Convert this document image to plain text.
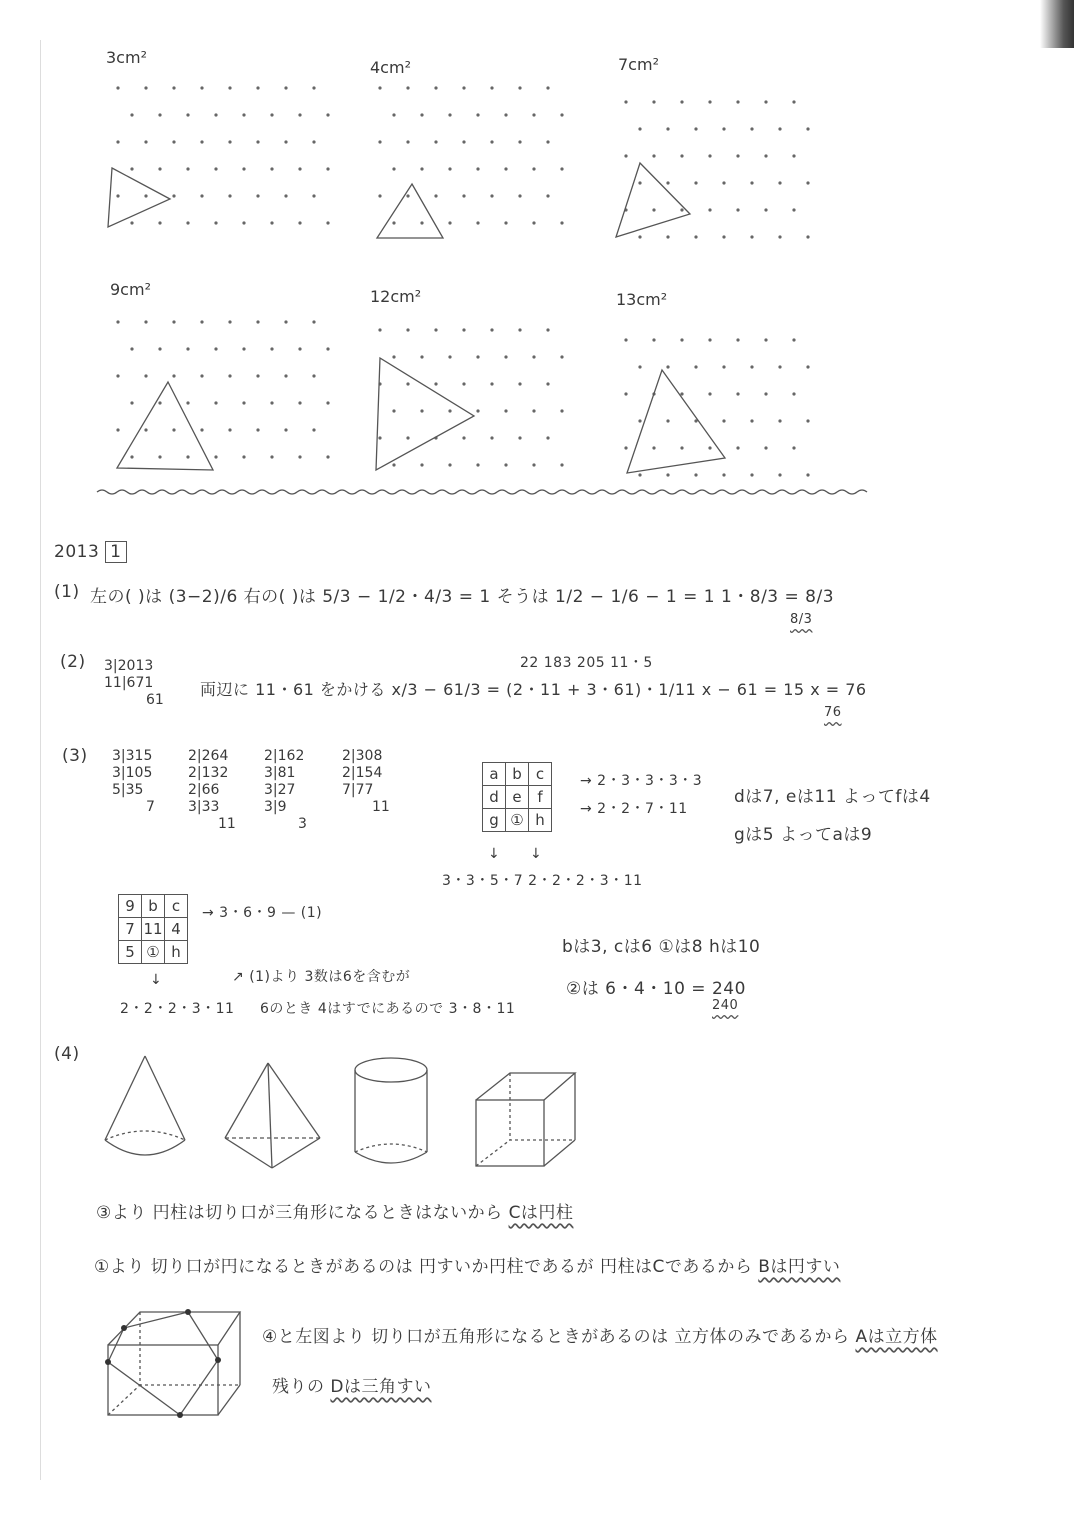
3cm²
4cm²	7cm²
9cm²	12cm²	13cm²
2013 1
(1) 左の( )は (3−2)/6 右の( )は 5/3 − 1/2・4/3 = 1 そうは 1/2 − 1/6 − 1 = 1 1・8/3 = 8/3
8/3
(2) 3|2013
11|671
61
22 183 205 11・5
両辺に 11・61 をかける x/3 − 61/3 = (2・11 + 3・61)・1/11 x − 61 = 15 x = 76
76
(3) 3|315
3|105
5|35
7
2|264
2|132
2|66
3|33
11
2|162
3|81
3|27
3|9
3
2|308
2|154
7|77
11
a	b	c
d	e	f
g	①	h
→ 2・3・3・3・3
→ 2・2・7・11
↓ ↓
3・3・5・7 2・2・2・3・11
dは7, eは11 よってfは4
gは5 よってaは9
9	b	c
7	11	4
5	①	h
→ 3・6・9 — (1)
↓
2・2・2・3・11
↗ (1)より 3数は6を含むが
6のとき 4はすでにあるので 3・8・11
bは3, cは6 ①は8 hは10
②は 6・4・10 = 240
240
(4)
③より 円柱は切り口が三角形になるときはないから Cは円柱
①より 切り口が円になるときがあるのは 円すいか円柱であるが 円柱はCであるから Bは円すい
④と左図より 切り口が五角形になるときがあるのは 立方体のみであるから Aは立方体
残りの Dは三角すい
